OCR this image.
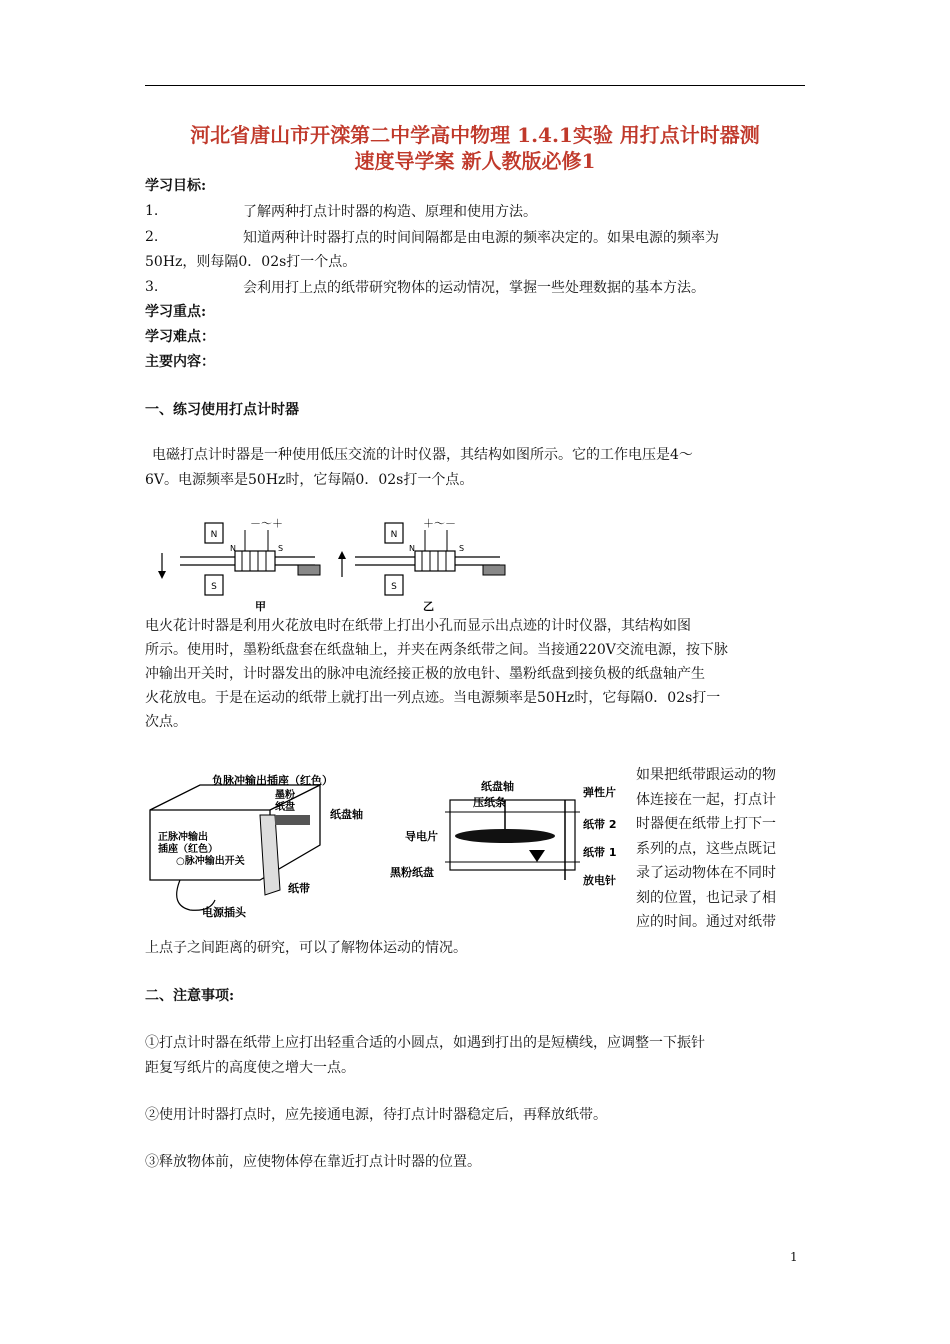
河北省唐山市开滦第二中学高中物理 1.4.1实验 用打点计时器测
速度导学案 新人教版必修1
学习目标:
1.	了解两种打点计时器的构造、原理和使用方法。
2.	知道两种计时器打点的时间间隔都是由电源的频率决定的。如果电源的频率为
50Hz，则每隔0．02s打一个点。
3.	会利用打上点的纸带研究物体的运动情况，掌握一些处理数据的基本方法。
学习重点:
学习难点：
主要内容：
一、练习使用打点计时器
电磁打点计时器是一种使用低压交流的计时仪器，其结构如图所示。它的工作电压是4～
6V。电源频率是50Hz时，它每隔0．02s打一个点。
N
－～＋
N	S
S
甲
N
＋～－
N	S
S
乙
电火花计时器是利用火花放电时在纸带上打出小孔而显示出点迹的计时仪器，其结构如图
所示。使用时，墨粉纸盘套在纸盘轴上，并夹在两条纸带之间。当接通220V交流电源，按下脉
冲输出开关时，计时器发出的脉冲电流经接正极的放电针、墨粉纸盘到接负极的纸盘轴产生
火花放电。于是在运动的纸带上就打出一列点迹。当电源频率是50Hz时，它每隔0．02s打一
次点。
负脉冲输出插座（红色）
墨粉
纸盘
纸盘轴
正脉冲输出
插座（红色）
○脉冲输出开关
纸带
电源插头
纸盘轴
压纸条
弹性片
导电片
纸带 2
纸带 1
黑粉纸盘
放电针
如果把纸带跟运动的物
体连接在一起，打点计
时器便在纸带上打下一
系列的点，这些点既记
录了运动物体在不同时
刻的位置，也记录了相
应的时间。通过对纸带
上点子之间距离的研究，可以了解物体运动的情况。
二、注意事项:
①打点计时器在纸带上应打出轻重合适的小圆点，如遇到打出的是短横线，应调整一下振针
距复写纸片的高度使之增大一点。
②使用计时器打点时，应先接通电源，待打点计时器稳定后，再释放纸带。
③释放物体前，应使物体停在靠近打点计时器的位置。
1
